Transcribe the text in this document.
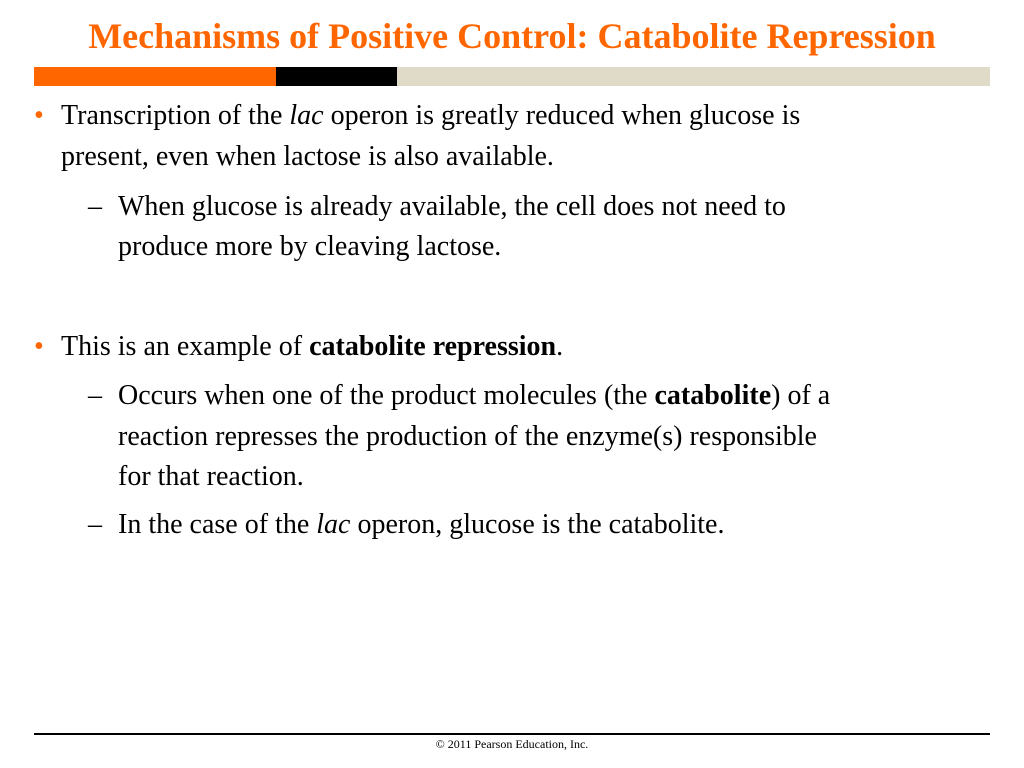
Mechanisms of Positive Control: Catabolite Repression
• Transcription of the lac operon is greatly reduced when glucose is
present, even when lactose is also available.
– When glucose is already available, the cell does not need to
produce more by cleaving lactose.
• This is an example of catabolite repression.
– Occurs when one of the product molecules (the catabolite) of a
reaction represses the production of the enzyme(s) responsible
for that reaction.
– In the case of the lac operon, glucose is the catabolite.
© 2011 Pearson Education, Inc.
